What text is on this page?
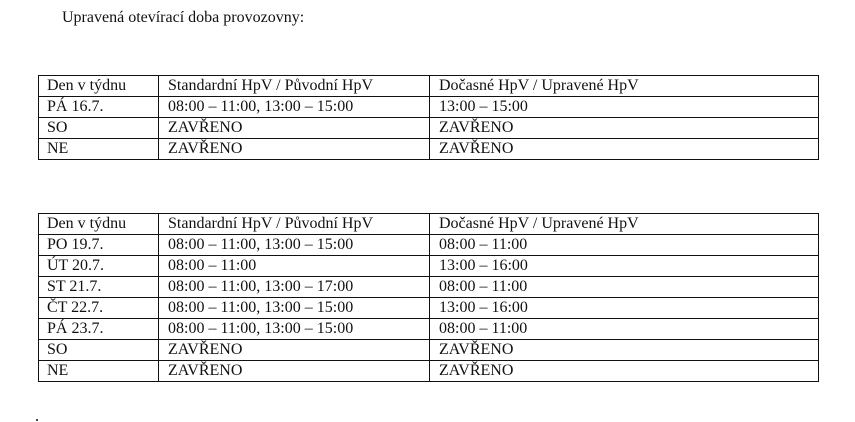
Upravená otevírací doba provozovny:
Den v týdnu	Standardní HpV / Původní HpV	Dočasné HpV / Upravené HpV
PÁ 16.7.	08:00 – 11:00, 13:00 – 15:00	13:00 – 15:00
SO	ZAVŘENO	ZAVŘENO
NE	ZAVŘENO	ZAVŘENO
Den v týdnu	Standardní HpV / Původní HpV	Dočasné HpV / Upravené HpV
PO 19.7.	08:00 – 11:00, 13:00 – 15:00	08:00 – 11:00
ÚT 20.7.	08:00 – 11:00	13:00 – 16:00
ST 21.7.	08:00 – 11:00, 13:00 – 17:00	08:00 – 11:00
ČT 22.7.	08:00 – 11:00, 13:00 – 15:00	13:00 – 16:00
PÁ 23.7.	08:00 – 11:00, 13:00 – 15:00	08:00 – 11:00
SO	ZAVŘENO	ZAVŘENO
NE	ZAVŘENO	ZAVŘENO
